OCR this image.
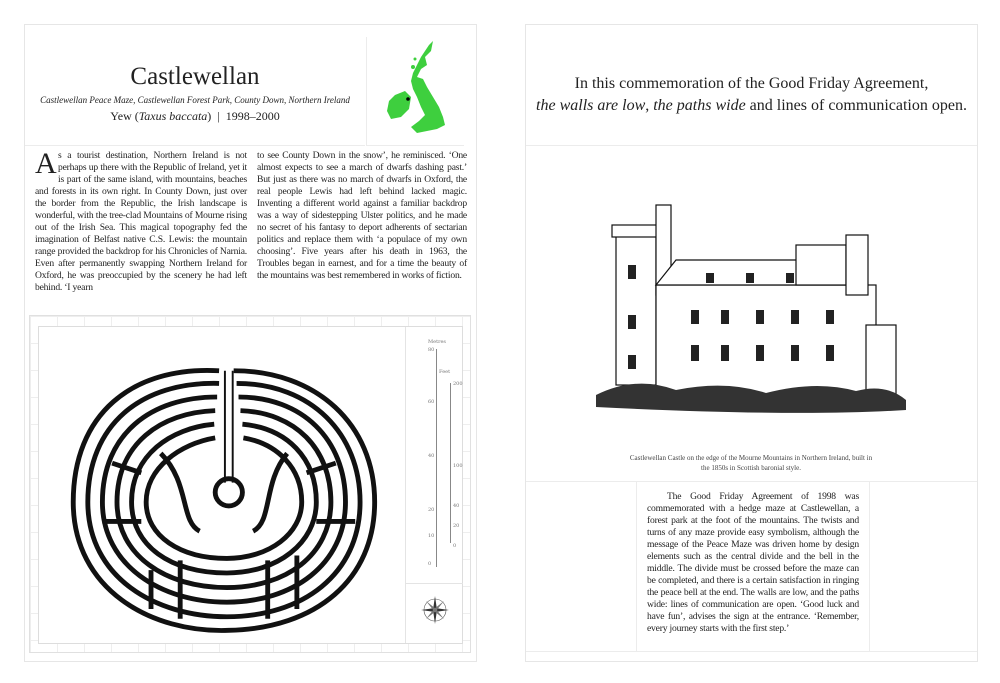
Castlewellan
Castlewellan Peace Maze, Castlewellan Forest Park, County Down, Northern Ireland
Yew (Taxus baccata)  |  1998–2000
As a tourist destination, Northern Ireland is not perhaps up there with the Republic of Ireland, yet it is part of the same island, with mountains, beaches and forests in its own right. In County Down, just over the border from the Republic, the Irish landscape is wonderful, with the tree-clad Mountains of Mourne rising out of the Irish Sea. This magical topography fed the imagination of Belfast native C.S. Lewis: the mountain range provided the backdrop for his Chronicles of Narnia. Even after permanently swapping Northern Ireland for Oxford, he was preoccupied by the scenery he had left behind. ‘I yearn
to see County Down in the snow’, he reminisced. ‘One almost expects to see a march of dwarfs dashing past.’ But just as there was no march of dwarfs in Oxford, the real people Lewis had left behind lacked magic. Inventing a different world against a familiar backdrop was a way of sidestepping Ulster politics, and he made no secret of his fantasy to deport adherents of sectarian politics and replace them with ‘a populace of my own choosing’. Five years after his death in 1963, the Troubles began in earnest, and for a time the beauty of the mountains was best remembered in works of fiction.
Metres
Feet
80
60
40
20
10
0
200
100
40
20
0
In this commemoration of the Good Friday Agreement,
the walls are low, the paths wide and lines of communication open.
Castlewellan Castle on the edge of the Mourne Mountains in Northern Ireland, built in the 1850s in Scottish baronial style.
The Good Friday Agreement of 1998 was commemorated with a hedge maze at Castlewellan, a forest park at the foot of the mountains. The twists and turns of any maze provide easy symbolism, although the message of the Peace Maze was driven home by design elements such as the central divide and the bell in the middle. The divide must be crossed before the maze can be completed, and there is a certain satisfaction in ringing the peace bell at the end. The walls are low, and the paths wide: lines of communication are open. ‘Good luck and have fun’, advises the sign at the entrance. ‘Remember, every journey starts with the first step.’
